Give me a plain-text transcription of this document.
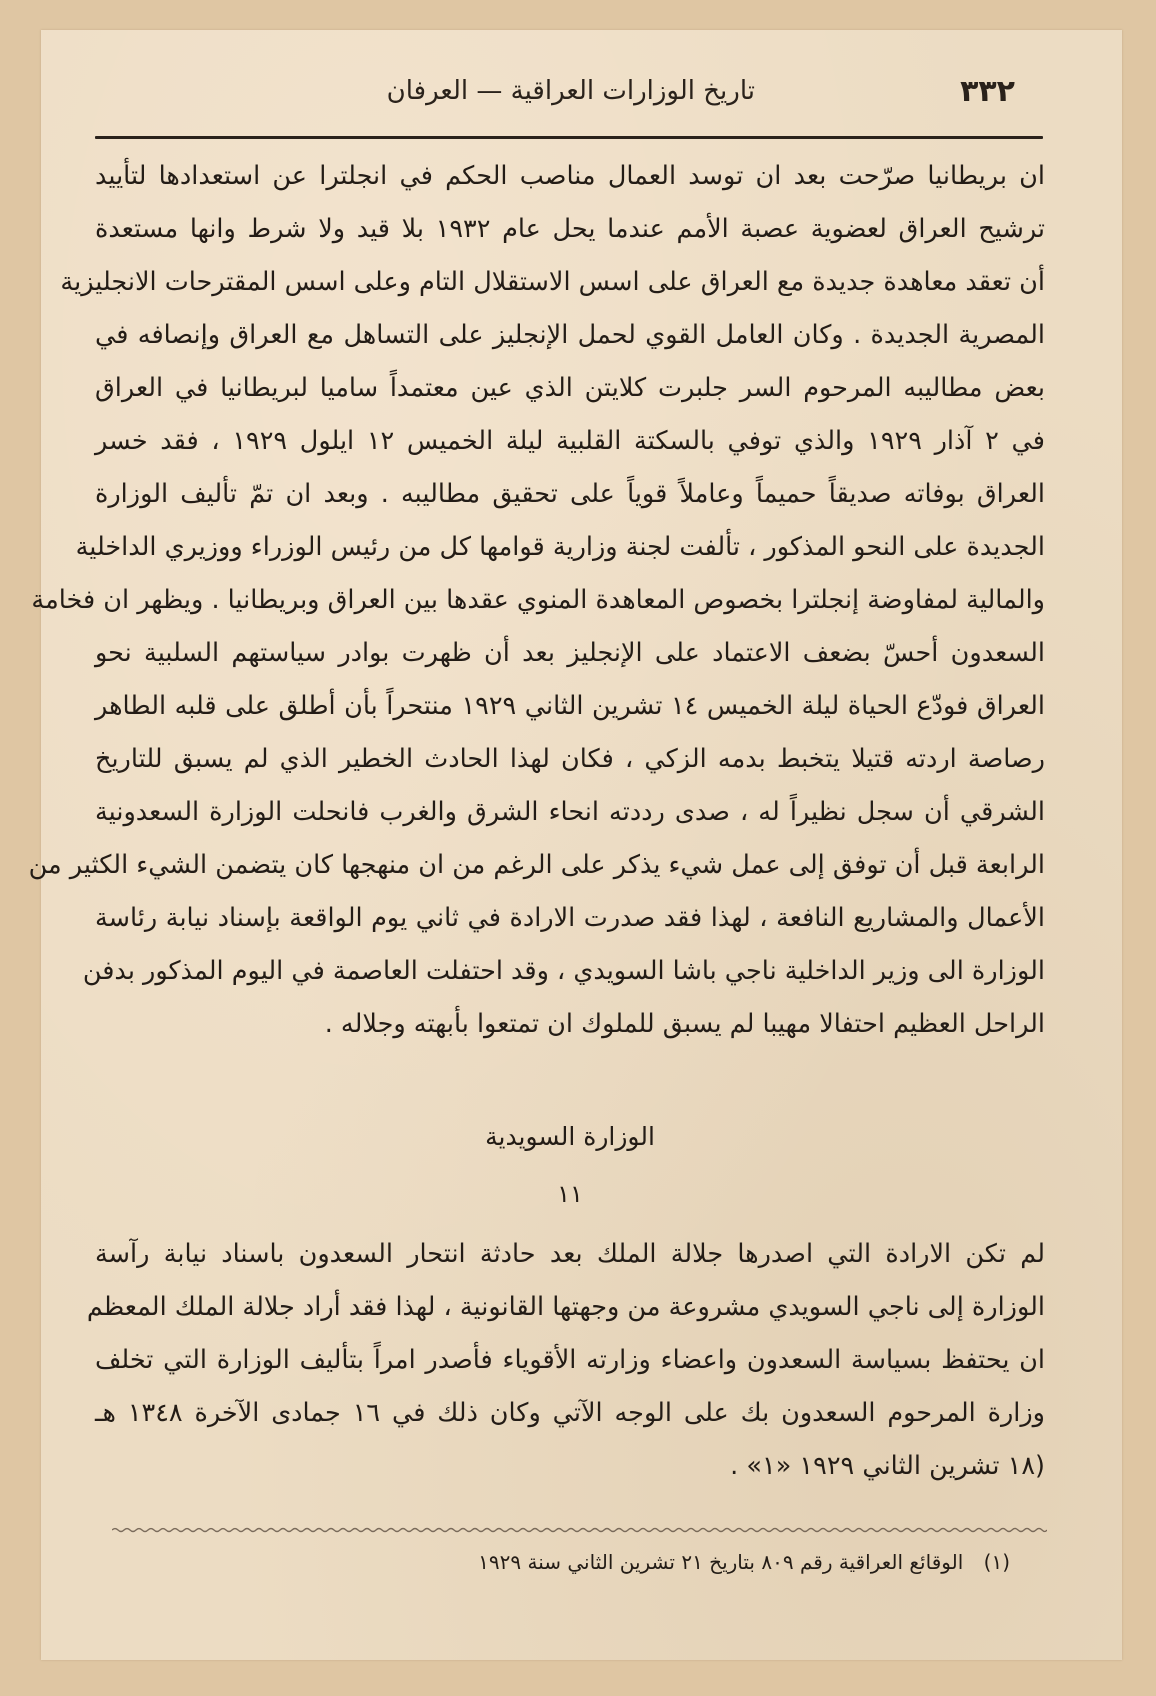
٣٣٢
تاريخ الوزارات العراقية — العرفان
ان بريطانيا صرّحت بعد ان توسد العمال مناصب الحكم في انجلترا عن استعدادها لتأييد
ترشيح العراق لعضوية عصبة الأمم عندما يحل عام ١٩٣٢ بلا قيد ولا شرط وانها مستعدة
أن تعقد معاهدة جديدة مع العراق على اسس الاستقلال التام وعلى اسس المقترحات الانجليزية
المصرية الجديدة . وكان العامل القوي لحمل الإنجليز على التساهل مع العراق وإنصافه في
بعض مطاليبه المرحوم السر جلبرت كلايتن الذي عين معتمداً ساميا لبريطانيا في العراق
في ٢ آذار ١٩٢٩ والذي توفي بالسكتة القلبية ليلة الخميس ١٢ ايلول ١٩٢٩ ، فقد خسر
العراق بوفاته صديقاً حميماً وعاملاً قوياً على تحقيق مطاليبه . وبعد ان تمّ تأليف الوزارة
الجديدة على النحو المذكور ، تألفت لجنة وزارية قوامها كل من رئيس الوزراء ووزيري الداخلية
والمالية لمفاوضة إنجلترا بخصوص المعاهدة المنوي عقدها بين العراق وبريطانيا . ويظهر ان فخامة
السعدون أحسّ بضعف الاعتماد على الإنجليز بعد أن ظهرت بوادر سياستهم السلبية نحو
العراق فودّع الحياة ليلة الخميس ١٤ تشرين الثاني ١٩٢٩ منتحراً بأن أطلق على قلبه الطاهر
رصاصة اردته قتيلا يتخبط بدمه الزكي ، فكان لهذا الحادث الخطير الذي لم يسبق للتاريخ
الشرقي أن سجل نظيراً له ، صدى رددته انحاء الشرق والغرب فانحلت الوزارة السعدونية
الرابعة قبل أن توفق إلى عمل شيء يذكر على الرغم من ان منهجها كان يتضمن الشيء الكثير من
الأعمال والمشاريع النافعة ، لهذا فقد صدرت الارادة في ثاني يوم الواقعة بإسناد نيابة رئاسة
الوزارة الى وزير الداخلية ناجي باشا السويدي ، وقد احتفلت العاصمة في اليوم المذكور بدفن
الراحل العظيم احتفالا مهيبا لم يسبق للملوك ان تمتعوا بأبهته وجلاله .
الوزارة السويدية
١١
لم تكن الارادة التي اصدرها جلالة الملك بعد حادثة انتحار السعدون باسناد نيابة رآسة
الوزارة إلى ناجي السويدي مشروعة من وجهتها القانونية ، لهذا فقد أراد جلالة الملك المعظم
ان يحتفظ بسياسة السعدون واعضاء وزارته الأقوياء فأصدر امراً بتأليف الوزارة التي تخلف
وزارة المرحوم السعدون بك على الوجه الآتي وكان ذلك في ١٦ جمادى الآخرة ١٣٤٨ هـ
(١٨ تشرين الثاني ١٩٢٩ «١» .
(١) الوقائع العراقية رقم ٨٠٩ بتاريخ ٢١ تشرين الثاني سنة ١٩٢٩
